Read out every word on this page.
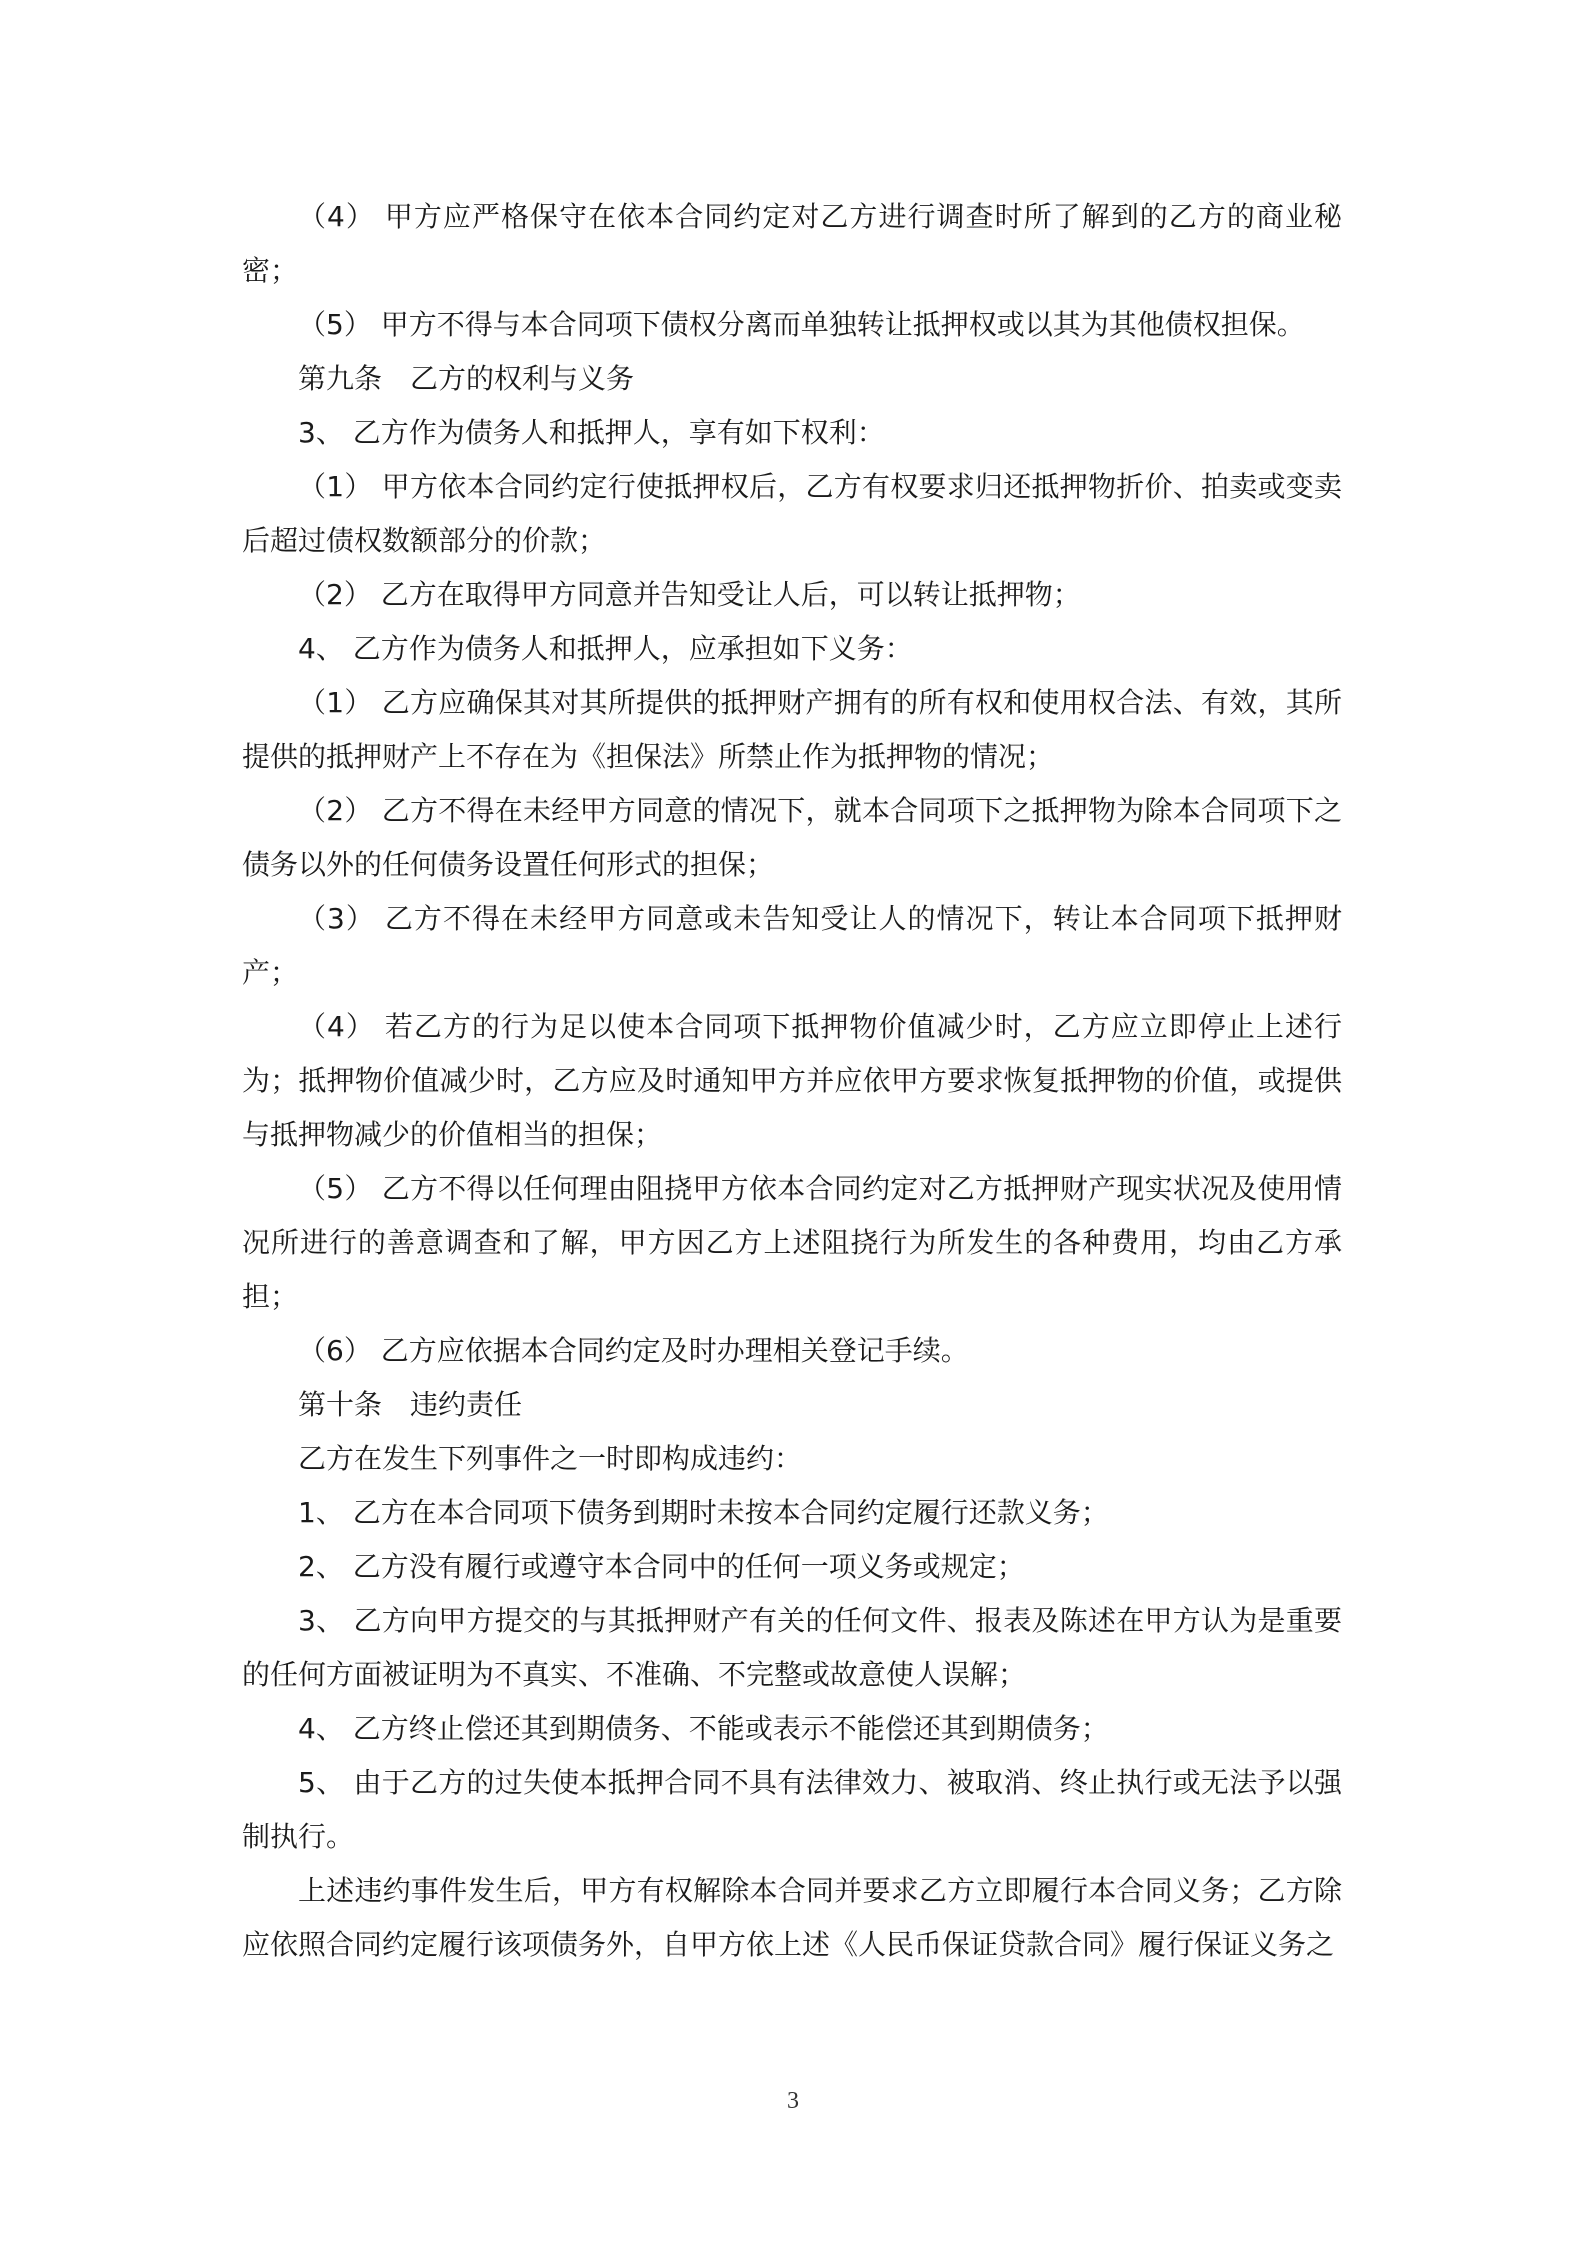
（4） 甲方应严格保守在依本合同约定对乙方进行调查时所了解到的乙方的商业秘密；

（5） 甲方不得与本合同项下债权分离而单独转让抵押权或以其为其他债权担保。

第九条　乙方的权利与义务

3、 乙方作为债务人和抵押人，享有如下权利：

（1） 甲方依本合同约定行使抵押权后，乙方有权要求归还抵押物折价、拍卖或变卖后超过债权数额部分的价款；

（2） 乙方在取得甲方同意并告知受让人后，可以转让抵押物；

4、 乙方作为债务人和抵押人，应承担如下义务：

（1） 乙方应确保其对其所提供的抵押财产拥有的所有权和使用权合法、有效，其所提供的抵押财产上不存在为《担保法》所禁止作为抵押物的情况；

（2） 乙方不得在未经甲方同意的情况下，就本合同项下之抵押物为除本合同项下之债务以外的任何债务设置任何形式的担保；

（3） 乙方不得在未经甲方同意或未告知受让人的情况下，转让本合同项下抵押财产；

（4） 若乙方的行为足以使本合同项下抵押物价值减少时，乙方应立即停止上述行为；抵押物价值减少时，乙方应及时通知甲方并应依甲方要求恢复抵押物的价值，或提供与抵押物减少的价值相当的担保；

（5） 乙方不得以任何理由阻挠甲方依本合同约定对乙方抵押财产现实状况及使用情况所进行的善意调查和了解，甲方因乙方上述阻挠行为所发生的各种费用，均由乙方承担；

（6） 乙方应依据本合同约定及时办理相关登记手续。

第十条　违约责任

乙方在发生下列事件之一时即构成违约：

1、 乙方在本合同项下债务到期时未按本合同约定履行还款义务；

2、 乙方没有履行或遵守本合同中的任何一项义务或规定；

3、 乙方向甲方提交的与其抵押财产有关的任何文件、报表及陈述在甲方认为是重要的任何方面被证明为不真实、不准确、不完整或故意使人误解；

4、 乙方终止偿还其到期债务、不能或表示不能偿还其到期债务；

5、 由于乙方的过失使本抵押合同不具有法律效力、被取消、终止执行或无法予以强制执行。

上述违约事件发生后，甲方有权解除本合同并要求乙方立即履行本合同义务；乙方除应依照合同约定履行该项债务外，自甲方依上述《人民币保证贷款合同》履行保证义务之

3
